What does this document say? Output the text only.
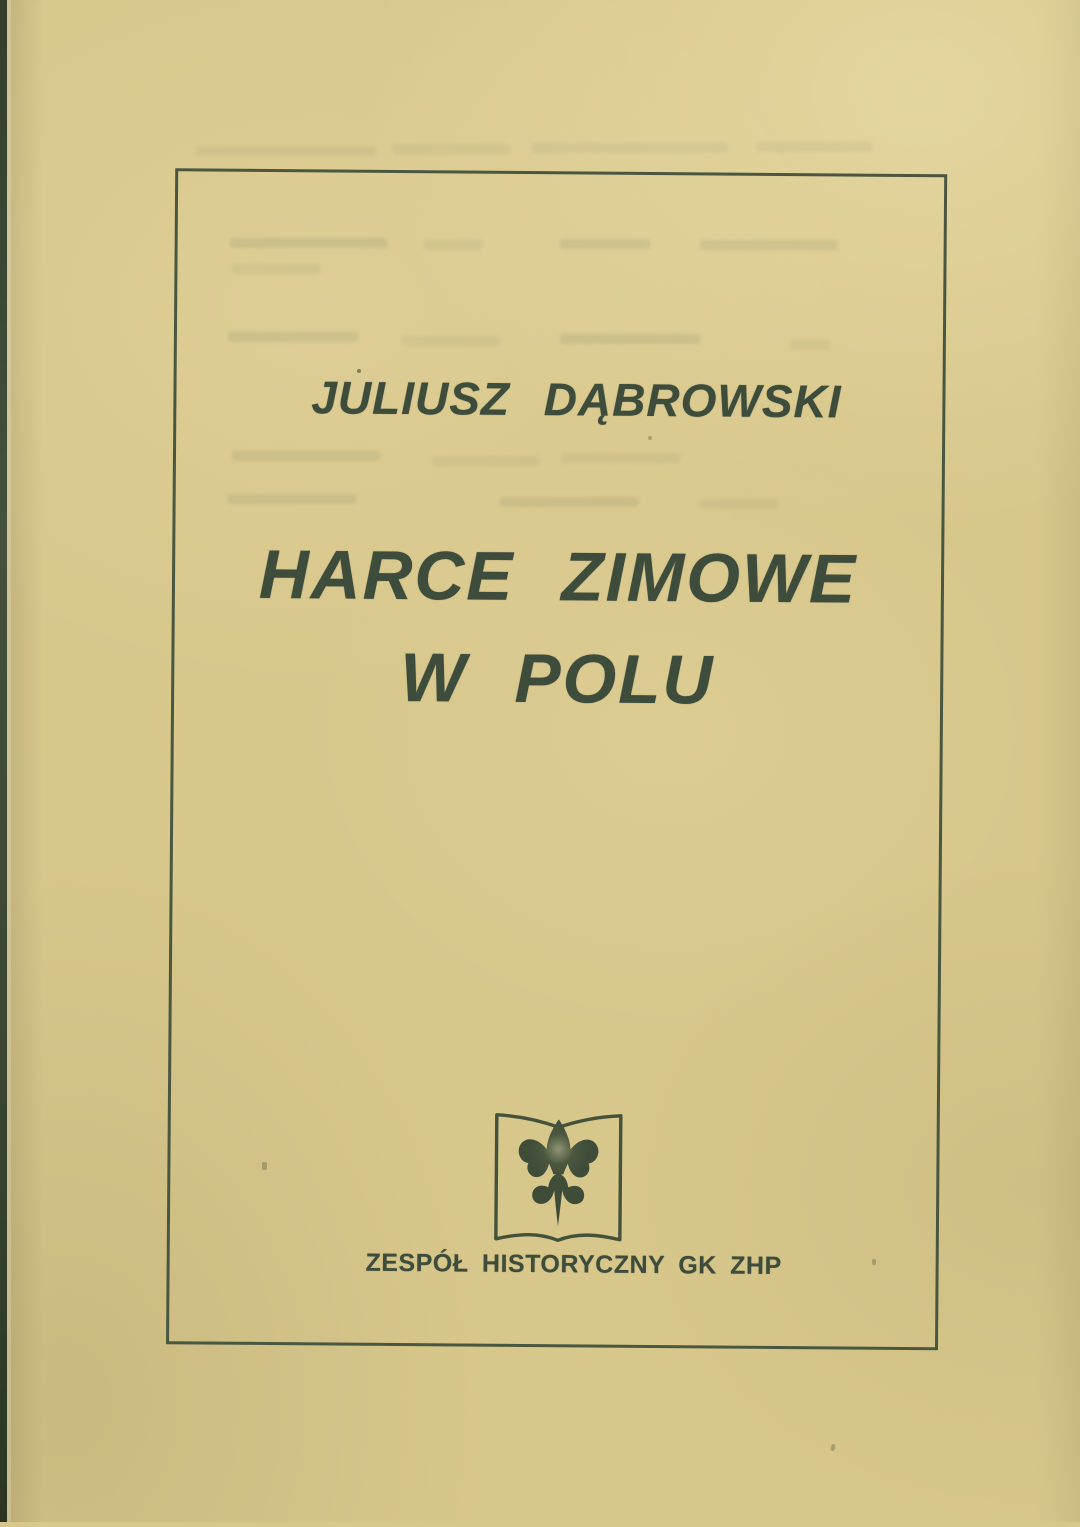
JULIUSZ DĄBROWSKI
HARCE ZIMOWE
W POLU
ZESPÓŁ HISTORYCZNY GK ZHP
